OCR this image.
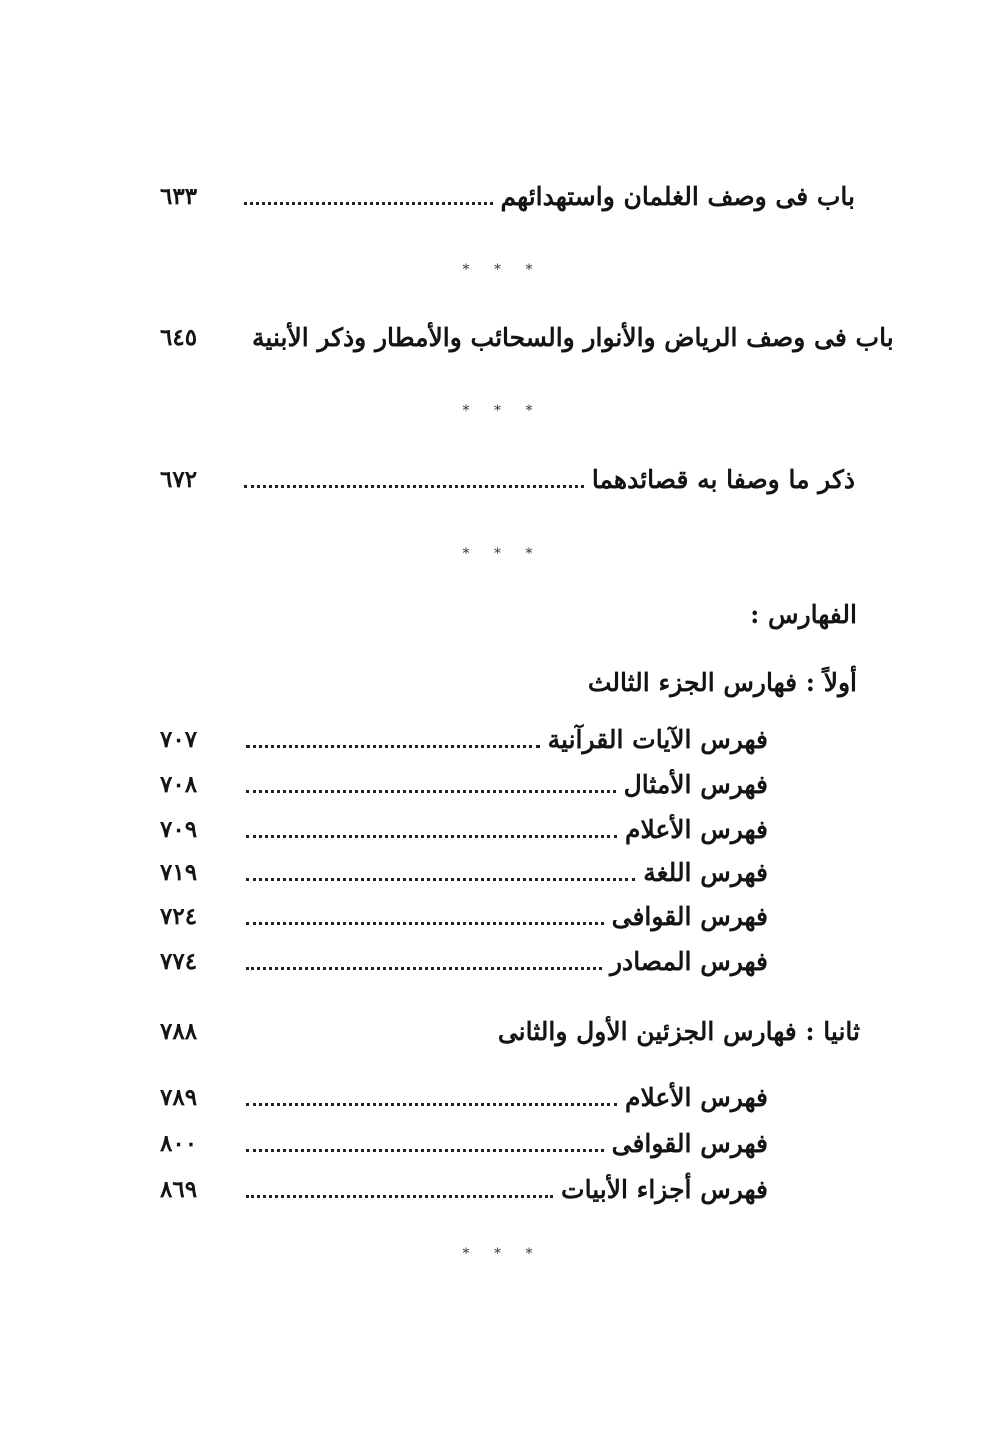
٦٣٣	باب فى وصف الغلمان واستهدائهم
* * *
٦٤٥	باب فى وصف الرياض والأنوار والسحائب والأمطار وذكر الأبنية
* * *
٦٧٢	ذكر ما وصفا به قصائدهما
* * *
الفهارس :
أولاً : فهارس الجزء الثالث
٧٠٧	فهرس الآيات القرآنية
٧٠٨	فهرس الأمثال
٧٠٩	فهرس الأعلام
٧١٩	فهرس اللغة
٧٢٤	فهرس القوافى
٧٧٤	فهرس المصادر
٧٨٨	ثانيا : فهارس الجزئين الأول والثانى
٧٨٩	فهرس الأعلام
٨٠٠	فهرس القوافى
٨٦٩	فهرس أجزاء الأبيات
* * *
